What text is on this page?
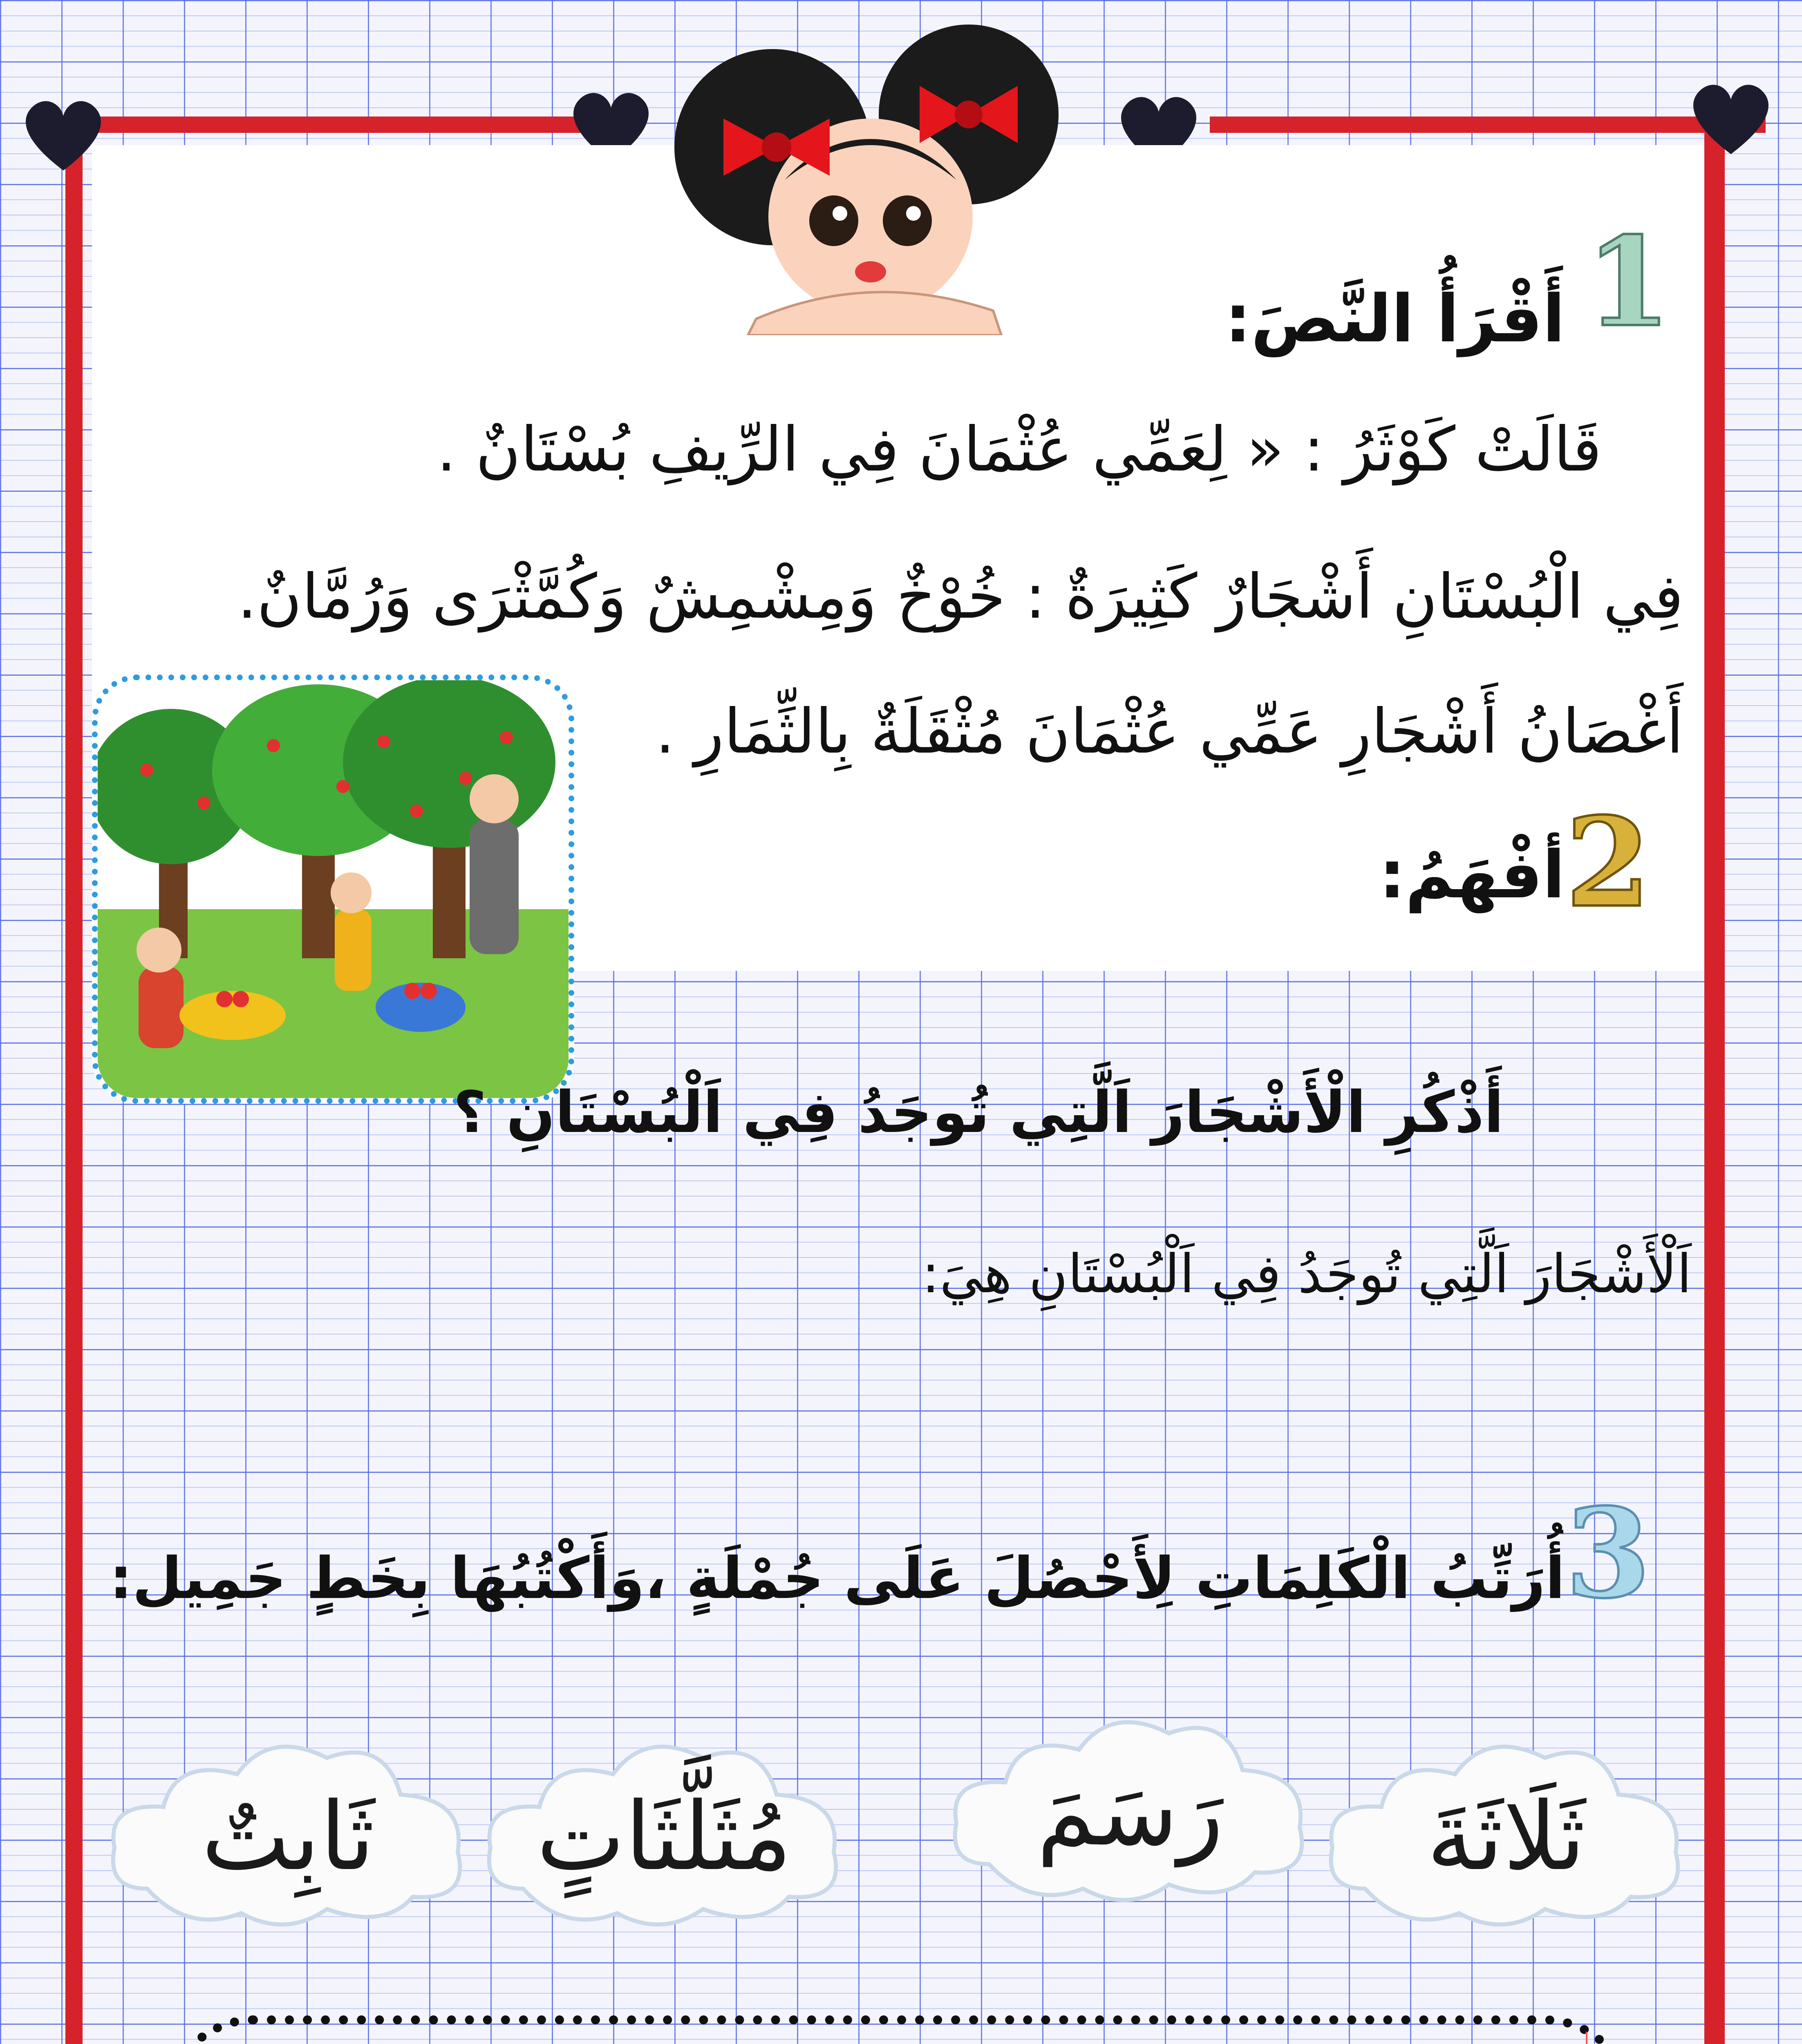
1
أَقْرَأُ النَّصَ:
قَالَتْ كَوْثَرُ : « لِعَمِّي عُثْمَانَ فِي الرِّيفِ بُسْتَانٌ .
فِي الْبُسْتَانِ أَشْجَارٌ كَثِيرَةٌ : خُوْخٌ وَمِشْمِشٌ وَكُمَّثْرَى وَرُمَّانٌ.
أَغْصَانُ أَشْجَارِ عَمِّي عُثْمَانَ مُثْقَلَةٌ بِالثِّمَارِ .
2
أفْهَمُ:
أَذْكُرِ الْأَشْجَارَ اَلَّتِي تُوجَدُ فِي اَلْبُسْتَانِ ؟
اَلْأَشْجَارَ اَلَّتِي تُوجَدُ فِي اَلْبُسْتَانِ هِيَ:
3
أُرَتِّبُ الْكَلِمَاتِ لِأَحْصُلَ عَلَى جُمْلَةٍ ،وَأَكْتُبُهَا بِخَطٍ جَمِيل:
ثَلَاثَةَ
رَسَمَ
مُثَلَّثَاتٍ
ثَابِتٌ
